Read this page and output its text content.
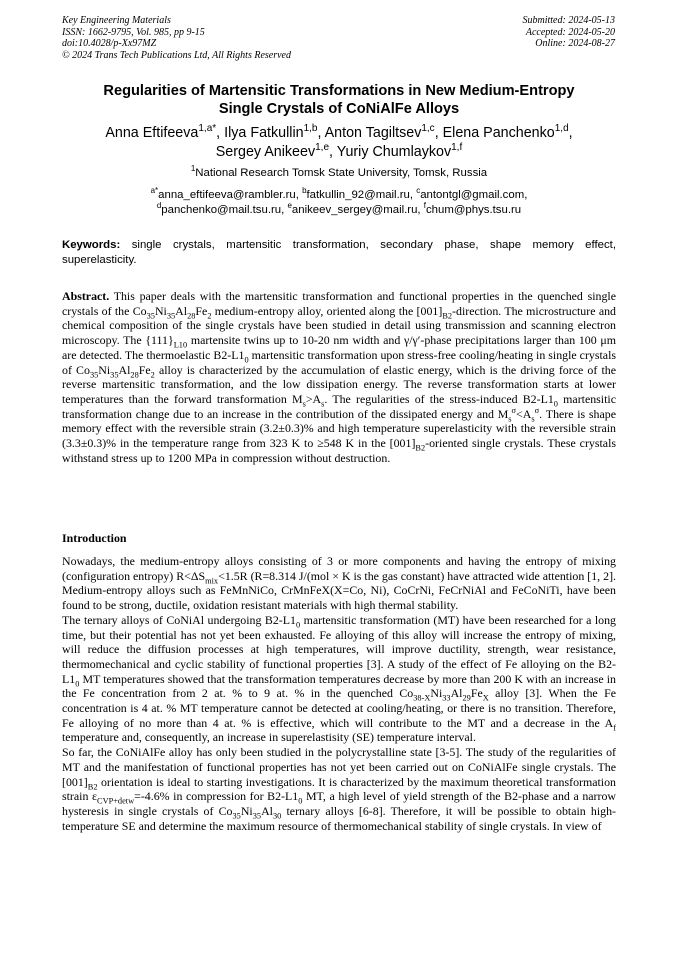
Key Engineering Materials
ISSN: 1662-9795, Vol. 985, pp 9-15
doi:10.4028/p-Xx97MZ
© 2024 Trans Tech Publications Ltd, All Rights Reserved
Submitted: 2024-05-13
Accepted: 2024-05-20
Online: 2024-08-27
Regularities of Martensitic Transformations in New Medium-Entropy
Single Crystals of CoNiAlFe Alloys
Anna Eftifeeva$^{1,a*}$, Ilya Fatkullin$^{1,b}$, Anton Tagiltsev$^{1,c}$, Elena Panchenko$^{1,d}$,
Sergey Anikeev$^{1,e}$, Yuriy Chumlaykov$^{1,f}$
$^1$National Research Tomsk State University, Tomsk, Russia
$^{a*}$anna_eftifeeva@rambler.ru, $^b$fatkullin_92@mail.ru, $^c$antontgl@gmail.com,
$^d$panchenko@mail.tsu.ru, $^e$anikeev_sergey@mail.ru, $^f$chum@phys.tsu.ru
Keywords: single crystals, martensitic transformation, secondary phase, shape memory effect, superelasticity.
Abstract. This paper deals with the martensitic transformation and functional properties in the quenched single crystals of the $Co_{35}Ni_{35}Al_{28}Fe_2$ medium-entropy alloy, oriented along the $[001]_{B2}$-direction. The microstructure and chemical composition of the single crystals have been studied in detail using transmission and scanning electron microscopy. The $\{111\}_{L10}$ martensite twins up to 10-20 nm width and γ/γ′-phase precipitations larger than 100 μm are detected. The thermoelastic $B2-L1_0$ martensitic transformation upon stress-free cooling/heating in single crystals of $Co_{35}Ni_{35}Al_{28}Fe_2$ alloy is characterized by the accumulation of elastic energy, which is the driving force of the reverse martensitic transformation, and the low dissipation energy. The reverse transformation starts at lower temperatures than the forward transformation $M_s˃A_s$. The regularities of the stress-induced $B2-L1_0$ martensitic transformation change due to an increase in the contribution of the dissipated energy and $M_s^\sigma<A_s^\sigma$. There is shape memory effect with the reversible strain (3.2±0.3)% and high temperature superelasticity with the reversible strain (3.3±0.3)% in the temperature range from 323 K to ≥548 K in the $[001]_{B2}$-oriented single crystals. These crystals withstand stress up to 1200 MPa in compression without destruction.
Introduction

Nowadays, the medium-entropy alloys consisting of 3 or more components and having the entropy of mixing (configuration entropy) $R<\Delta S_{mix}<1.5R$ (R=8.314 J/(mol × K is the gas constant) have attracted wide attention [1, 2]. Medium-entropy alloys such as FeMnNiCo, CrMnFeX(X=Co, Ni), CoCrNi, FeCrNiAl and FeCoNiTi, have been found to be strong, ductile, oxidation resistant materials with high thermal stability.

The ternary alloys of CoNiAl undergoing $B2-L1_0$ martensitic transformation (MT) have been researched for a long time, but their potential has not yet been exhausted. Fe alloying of this alloy will increase the entropy of mixing, will reduce the diffusion processes at high temperatures, will improve ductility, strength, wear resistance, thermomechanical and cyclic stability of functional properties [3]. A study of the effect of Fe alloying on the $B2-L1_0$ MT temperatures showed that the transformation temperatures decrease by more than 200 K with an increase in the Fe concentration from 2 at. % to 9 at. % in the quenched $Co_{38-X}Ni_{33}Al_{29}Fe_X$ alloy [3]. When the Fe concentration is 4 at. % MT temperature cannot be detected at cooling/heating, or there is no transition. Therefore, Fe alloying of no more than 4 at. % is effective, which will contribute to the MT and a decrease in the $A_f$ temperature and, consequently, an increase in superelastisity (SE) temperature interval.

So far, the CoNiAlFe alloy has only been studied in the polycrystalline state [3-5]. The study of the regularities of MT and the manifestation of functional properties has not yet been carried out on CoNiAlFe single crystals. The $[001]_{B2}$ orientation is ideal to starting investigations. It is characterized by the maximum theoretical transformation strain $\varepsilon_{CVP+detw}=-4.6\%$ in compression for $B2-L1_0$ MT, a high level of yield strength of the B2-phase and a narrow hysteresis in single crystals of $Co_{35}Ni_{35}Al_{30}$ ternary alloys [6-8]. Therefore, it will be possible to obtain high-temperature SE and determine the maximum resource of thermomechanical stability of single crystals. In view of
